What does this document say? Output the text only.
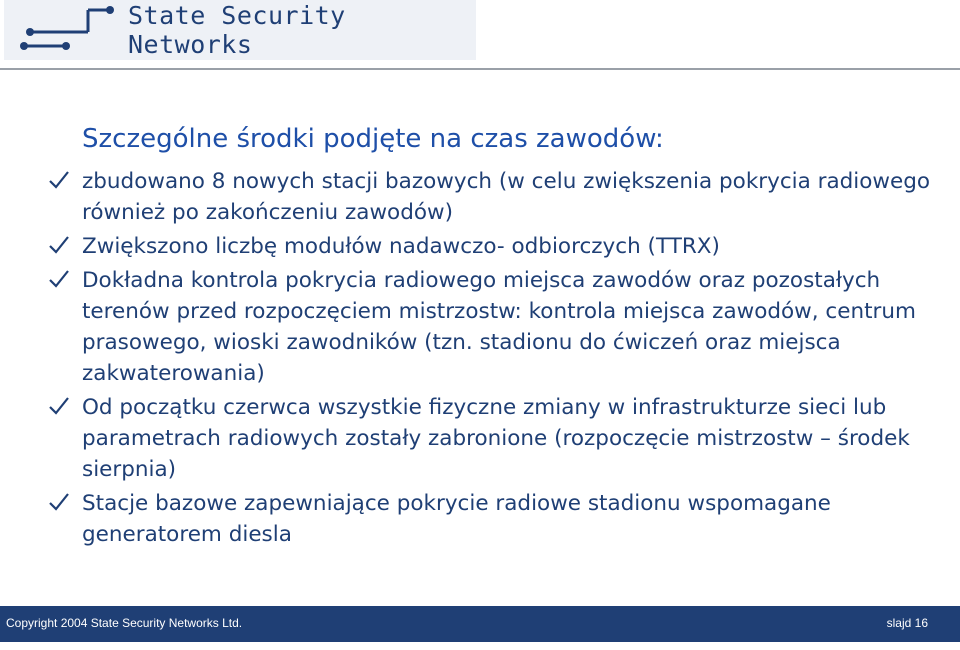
State Security Networks
Szczególne środki podjęte na czas zawodów:
zbudowano 8 nowych stacji bazowych (w celu zwiększenia pokrycia radiowego również po zakończeniu zawodów)
Zwiększono liczbę modułów nadawczo- odbiorczych (TTRX)
Dokładna kontrola pokrycia radiowego miejsca zawodów oraz pozostałych terenów przed rozpoczęciem mistrzostw: kontrola miejsca zawodów, centrum prasowego, wioski zawodników (tzn. stadionu do ćwiczeń oraz miejsca zakwaterowania)
Od początku czerwca wszystkie fizyczne zmiany w infrastrukturze sieci lub parametrach radiowych zostały zabronione (rozpoczęcie mistrzostw – środek sierpnia)
Stacje bazowe zapewniające pokrycie radiowe stadionu wspomagane generatorem diesla
Copyright 2004 State Security Networks Ltd.	slajd 16
